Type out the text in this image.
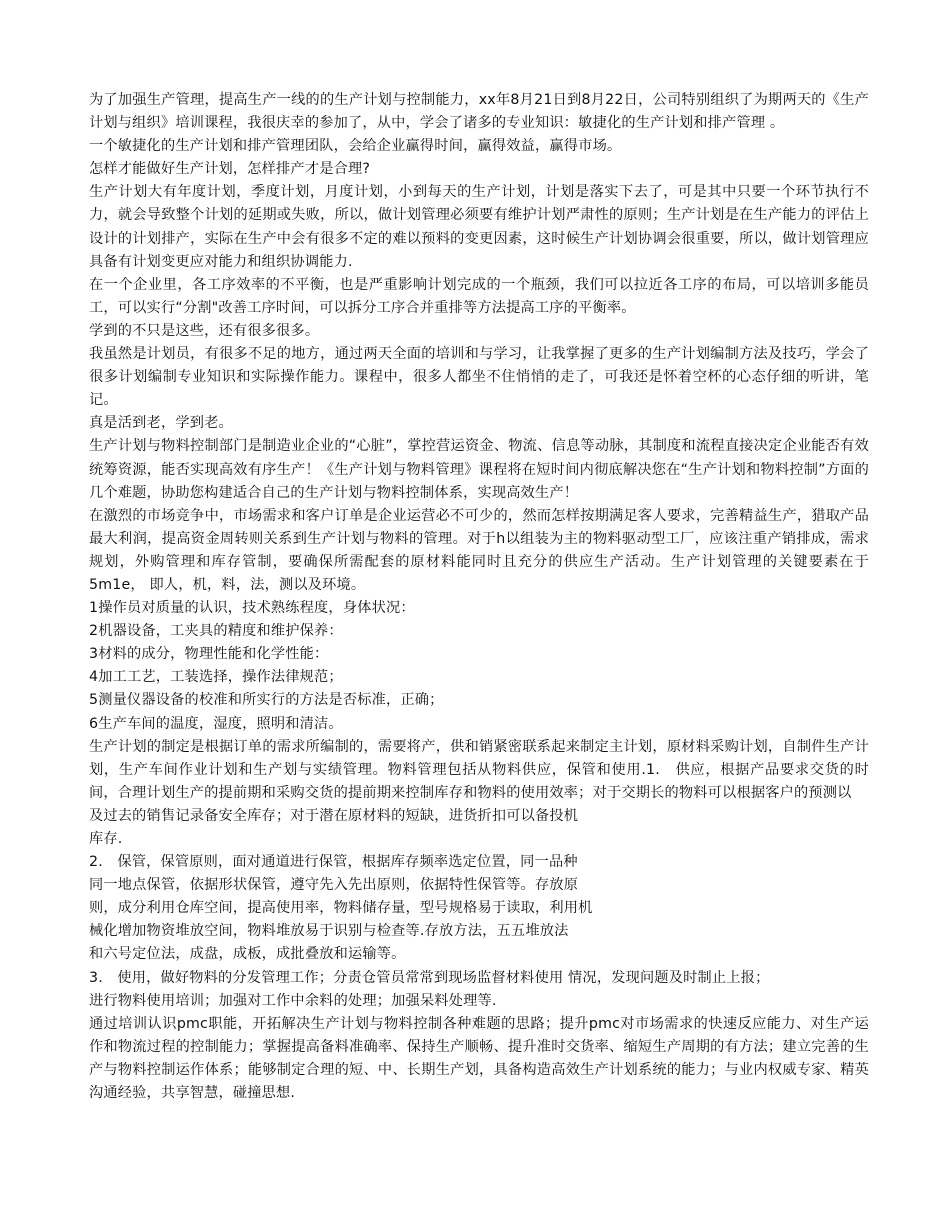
为了加强生产管理，提高生产一线的的生产计划与控制能力，xx年8月21日到8月22日，公司特别组织了为期两天的《生产计划与组织》培训课程，我很庆幸的参加了，从中，学会了诸多的专业知识：敏捷化的生产计划和排产管理 。

一个敏捷化的生产计划和排产管理团队，会给企业赢得时间，赢得效益，赢得市场。

怎样才能做好生产计划，怎样排产才是合理?

生产计划大有年度计划，季度计划，月度计划，小到每天的生产计划，计划是落实下去了，可是其中只要一个环节执行不力，就会导致整个计划的延期或失败，所以，做计划管理必须要有维护计划严肃性的原则；生产计划是在生产能力的评估上设计的计划排产，实际在生产中会有很多不定的难以预料的变更因素，这时候生产计划协调会很重要，所以，做计划管理应具备有计划变更应对能力和组织协调能力.

在一个企业里，各工序效率的不平衡，也是严重影响计划完成的一个瓶颈，我们可以拉近各工序的布局，可以培训多能员工，可以实行“分割"改善工序时间，可以拆分工序合并重排等方法提高工序的平衡率。

学到的不只是这些，还有很多很多。

我虽然是计划员，有很多不足的地方，通过两天全面的培训和与学习，让我掌握了更多的生产计划编制方法及技巧，学会了很多计划编制专业知识和实际操作能力。课程中，很多人都坐不住悄悄的走了，可我还是怀着空杯的心态仔细的听讲，笔记。

真是活到老，学到老。

生产计划与物料控制部门是制造业企业的“心脏”，掌控营运资金、物流、信息等动脉，其制度和流程直接决定企业能否有效统筹资源，能否实现高效有序生产！《生产计划与物料管理》课程将在短时间内彻底解决您在“生产计划和物料控制”方面的几个难题，协助您构建适合自己的生产计划与物料控制体系，实现高效生产！

在激烈的市场竞争中，市场需求和客户订单是企业运营必不可少的，然而怎样按期满足客人要求，完善精益生产，猎取产品最大利润，提高资金周转则关系到生产计划与物料的管理。对于h以组装为主的物料驱动型工厂，应该注重产销排成，需求规划，外购管理和库存管制，要确保所需配套的原材料能同时且充分的供应生产活动。生产计划管理的关键要素在于 5m1e， 即人，机，料，法，测以及环境。

1操作员对质量的认识，技术熟练程度，身体状况：

2机器设备，工夹具的精度和维护保养：

3材料的成分，物理性能和化学性能：

4加工工艺，工装选择，操作法律规范；

5测量仪器设备的校准和所实行的方法是否标准，正确；

6生产车间的温度，湿度，照明和清洁。

生产计划的制定是根据订单的需求所编制的，需要将产，供和销紧密联系起来制定主计划，原材料采购计划，自制件生产计划，生产车间作业计划和生产划与实绩管理。物料管理包括从物料供应，保管和使用.1.　供应，根据产品要求交货的时间，合理计划生产的提前期和采购交货的提前期来控制库存和物料的使用效率；对于交期长的物料可以根据客户的预测以

及过去的销售记录备安全库存；对于潜在原材料的短缺，进货折扣可以备投机

库存.

2.　保管，保管原则，面对通道进行保管，根据库存频率选定位置，同一品种

同一地点保管，依据形状保管，遵守先入先出原则，依据特性保管等。存放原

则，成分利用仓库空间，提高使用率，物料储存量，型号规格易于读取，利用机

械化增加物资堆放空间，物料堆放易于识别与检查等.存放方法，五五堆放法

和六号定位法，成盘，成板，成批叠放和运输等。

3.　使用，做好物料的分发管理工作；分责仓管员常常到现场监督材料使用 情况，发现问题及时制止上报；

进行物料使用培训；加强对工作中余料的处理；加强呆料处理等.

通过培训认识pmc职能，开拓解决生产计划与物料控制各种难题的思路；提升pmc对市场需求的快速反应能力、对生产运作和物流过程的控制能力；掌握提高备料准确率、保持生产顺畅、提升准时交货率、缩短生产周期的有方法；建立完善的生产与物料控制运作体系；能够制定合理的短、中、长期生产划，具备构造高效生产计划系统的能力；与业内权威专家、精英沟通经验，共享智慧，碰撞思想.
